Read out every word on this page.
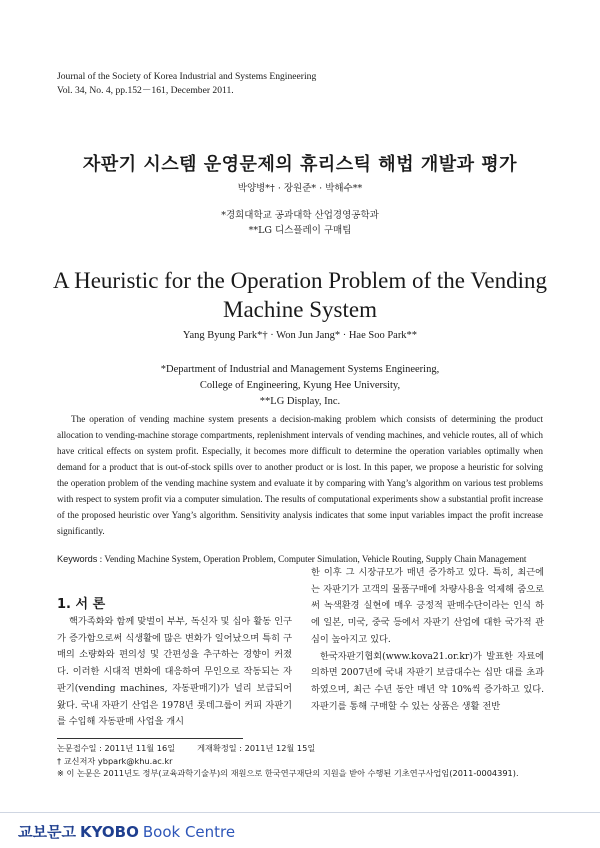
Journal of the Society of Korea Industrial and Systems Engineering
Vol. 34, No. 4, pp.152－161, December 2011.
자판기 시스템 운영문제의 휴리스틱 해법 개발과 평가
박양병*† · 장원준* · 박해수**
*경희대학교 공과대학 산업경영공학과
**LG 디스플레이 구매팀
A Heuristic for the Operation Problem of the Vending
Machine System
Yang Byung Park*† · Won Jun Jang* · Hae Soo Park**
*Department of Industrial and Management Systems Engineering,
College of Engineering, Kyung Hee University,
**LG Display, Inc.
The operation of vending machine system presents a decision-making problem which consists of determining the product allocation to vending-machine storage compartments, replenishment intervals of vending machines, and vehicle routes, all of which have critical effects on system profit. Especially, it becomes more difficult to determine the operation variables optimally when demand for a product that is out-of-stock spills over to another product or is lost. In this paper, we propose a heuristic for solving the operation problem of the vending machine system and evaluate it by comparing with Yang’s algorithm on various test problems with respect to system profit via a computer simulation. The results of computational experiments show a substantial profit increase of the proposed heuristic over Yang’s algorithm. Sensitivity analysis indicates that some input variables impact the profit increase significantly.
Keywords : Vending Machine System, Operation Problem, Computer Simulation, Vehicle Routing, Supply Chain Management
1. 서 론
핵가족화와 함께 맞벌이 부부, 독신자 및 십아 활동 인구가 증가함으로써 식생활에 많은 변화가 일어났으며 특히 구매의 소량화와 편의성 및 간편성을 추구하는 경향이 커졌다. 이러한 시대적 변화에 대응하여 무인으로 작동되는 자판기(vending machines, 자동판매기)가 널리 보급되어 왔다. 국내 자판기 산업은 1978년 롯데그룹이 커피 자판기를 수입해 자동판매 사업을 개시

한 이후 그 시장규모가 매년 증가하고 있다. 특히, 최근에는 자판기가 고객의 물품구매에 차량사용을 억제해 줌으로써 녹색환경 실현에 매우 긍정적 판매수단이라는 인식 하에 일본, 미국, 중국 등에서 자판기 산업에 대한 국가적 관심이 높아지고 있다.

한국자판기협회(www.kova21.or.kr)가 발표한 자료에 의하면 2007년에 국내 자판기 보급대수는 십만 대를 초과하였으며, 최근 수년 동안 매년 약 10%씩 증가하고 있다. 자판기를 통해 구매할 수 있는 상품은 생활 전반

논문접수일 : 2011년 11월 16일	게재확정일 : 2011년 12월 15일
† 교신저자 ybpark@khu.ac.kr
※ 이 논문은 2011년도 정부(교육과학기술부)의 재원으로 한국연구재단의 지원을 받아 수행된 기초연구사업임(2011-0004391).
교보문고 KYOBO Book Centre
